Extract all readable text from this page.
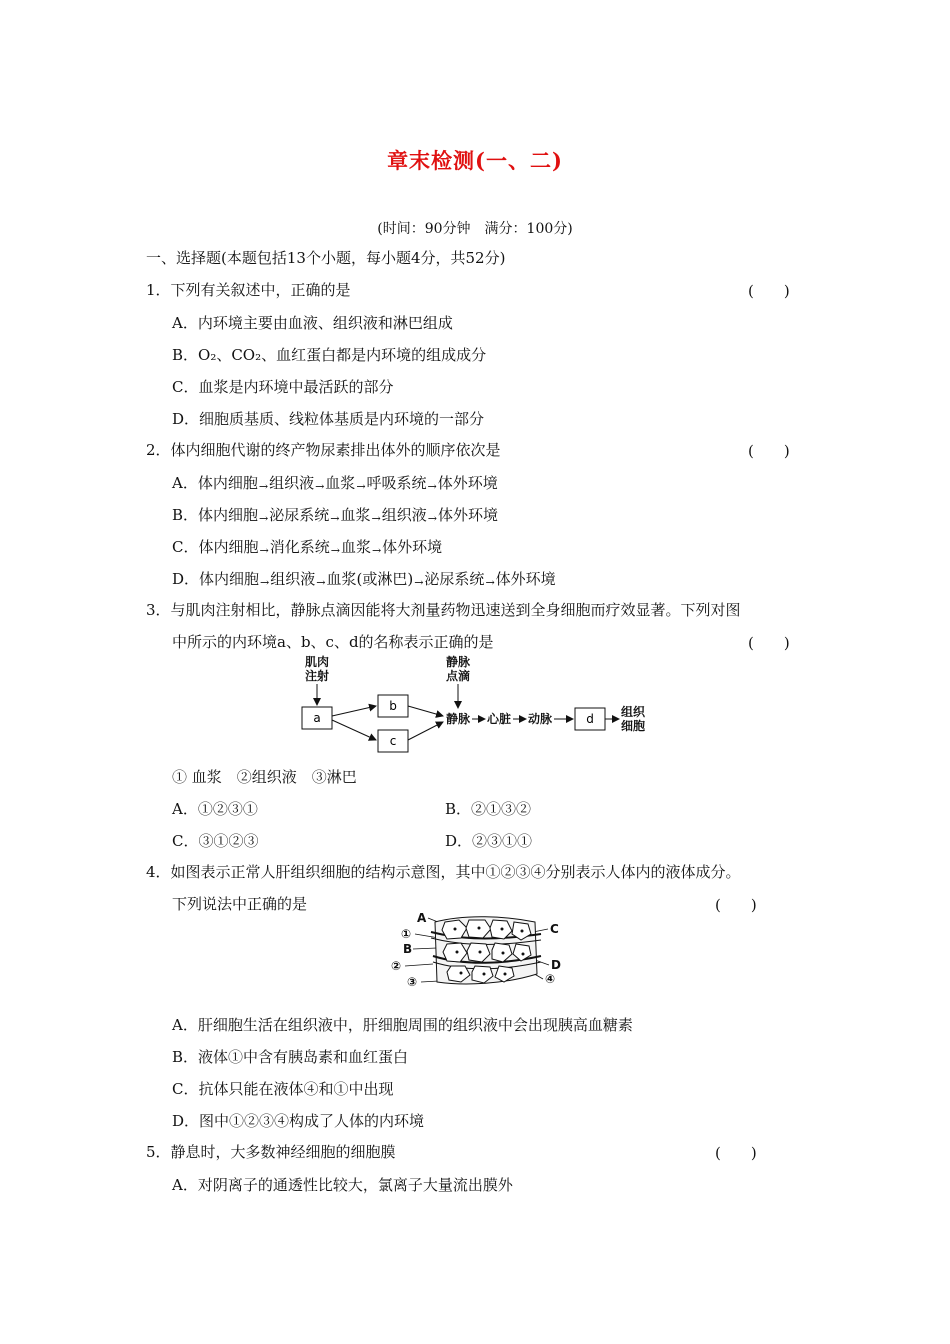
章末检测(一、二)
(时间：90分钟　满分：100分)
一、选择题(本题包括13个小题，每小题4分，共52分)
1．下列有关叙述中，正确的是	(　　)
A．内环境主要由血液、组织液和淋巴组成
B．O₂、CO₂、血红蛋白都是内环境的组成成分
C．血浆是内环境中最活跃的部分
D．细胞质基质、线粒体基质是内环境的一部分
2．体内细胞代谢的终产物尿素排出体外的顺序依次是	(　　)
A．体内细胞→组织液→血浆→呼吸系统→体外环境
B．体内细胞→泌尿系统→血浆→组织液→体外环境
C．体内细胞→消化系统→血浆→体外环境
D．体内细胞→组织液→血浆(或淋巴)→泌尿系统→体外环境
3．与肌肉注射相比，静脉点滴因能将大剂量药物迅速送到全身细胞而疗效显著。下列对图
中所示的内环境a、b、c、d的名称表示正确的是	(　　)
肌肉
注射
静脉
点滴
a
b
c
静脉 心脏 动脉	组织
细胞
d
① 血浆　②组织液　③淋巴
A．①②③①	B．②①③②
C．③①②③	D．②③①①
4．如图表示正常人肝组织细胞的结构示意图，其中①②③④分别表示人体内的液体成分。
下列说法中正确的是	(　　)
A
①
B
②
③
C
D
④
A．肝细胞生活在组织液中，肝细胞周围的组织液中会出现胰高血糖素
B．液体①中含有胰岛素和血红蛋白
C．抗体只能在液体④和①中出现
D．图中①②③④构成了人体的内环境
5．静息时，大多数神经细胞的细胞膜	(　　)
A．对阴离子的通透性比较大，氯离子大量流出膜外
